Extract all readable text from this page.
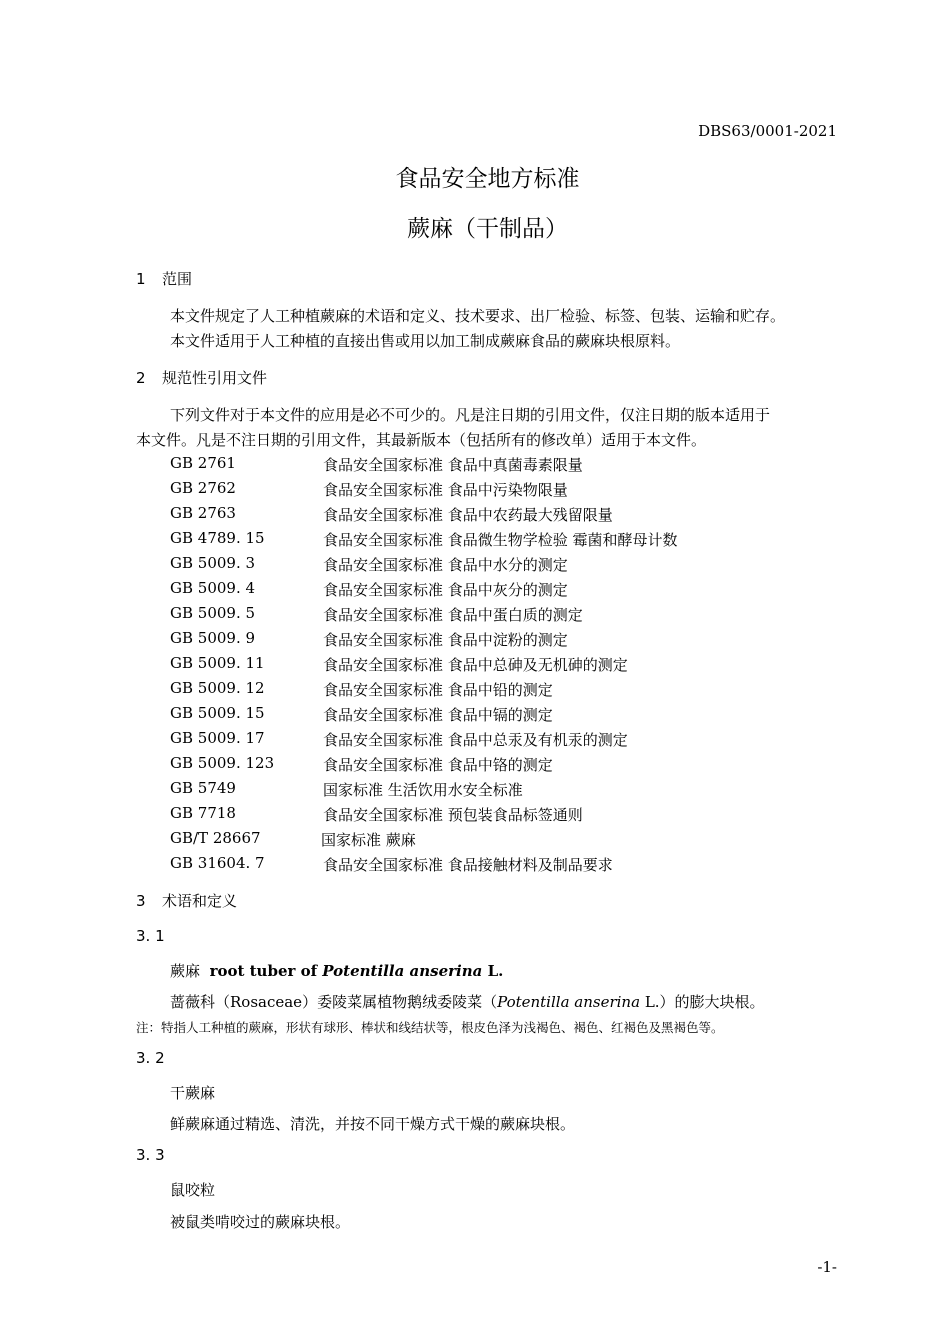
DBS63/0001-2021
食品安全地方标准
蕨麻（干制品）
1 范围
本文件规定了人工种植蕨麻的术语和定义、技术要求、出厂检验、标签、包装、运输和贮存。
本文件适用于人工种植的直接出售或用以加工制成蕨麻食品的蕨麻块根原料。
2 规范性引用文件
下列文件对于本文件的应用是必不可少的。凡是注日期的引用文件，仅注日期的版本适用于
本文件。凡是不注日期的引用文件，其最新版本（包括所有的修改单）适用于本文件。
GB 2761	食品安全国家标准 食品中真菌毒素限量
GB 2762	食品安全国家标准 食品中污染物限量
GB 2763	食品安全国家标准 食品中农药最大残留限量
GB 4789. 15	食品安全国家标准 食品微生物学检验 霉菌和酵母计数
GB 5009. 3	食品安全国家标准 食品中水分的测定
GB 5009. 4	食品安全国家标准 食品中灰分的测定
GB 5009. 5	食品安全国家标准 食品中蛋白质的测定
GB 5009. 9	食品安全国家标准 食品中淀粉的测定
GB 5009. 11	食品安全国家标准 食品中总砷及无机砷的测定
GB 5009. 12	食品安全国家标准 食品中铅的测定
GB 5009. 15	食品安全国家标准 食品中镉的测定
GB 5009. 17	食品安全国家标准 食品中总汞及有机汞的测定
GB 5009. 123	食品安全国家标准 食品中铬的测定
GB 5749	国家标准 生活饮用水安全标准
GB 7718	食品安全国家标准 预包装食品标签通则
GB/T 28667	国家标准 蕨麻
GB 31604. 7	食品安全国家标准 食品接触材料及制品要求
3 术语和定义
3. 1
蕨麻 root tuber of Potentilla anserina L.
蔷薇科（Rosaceae）委陵菜属植物鹅绒委陵菜（Potentilla anserina L.）的膨大块根。
注：特指人工种植的蕨麻，形状有球形、棒状和线结状等，根皮色泽为浅褐色、褐色、红褐色及黑褐色等。
3. 2
干蕨麻
鲜蕨麻通过精选、清洗，并按不同干燥方式干燥的蕨麻块根。
3. 3
鼠咬粒
被鼠类啃咬过的蕨麻块根。
-1-
